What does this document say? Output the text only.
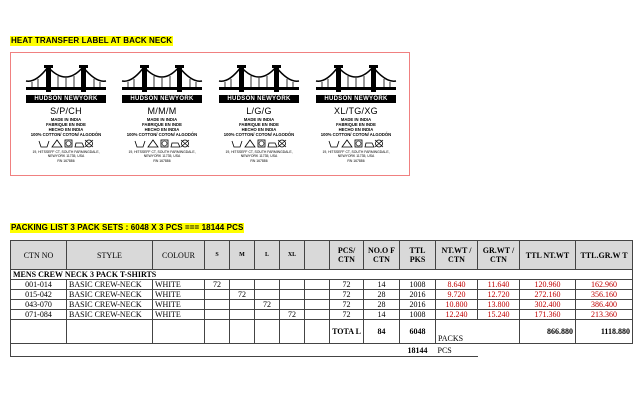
HEAT TRANSFER LABEL AT BACK NECK
HUDSON NEWYORK
S/P/CH
MADE IN INDIA
FABRIQUE EN INDE
HECHO EN INDIA
100% COTTON/ COTON/ ALGODÓN
19, HITSSEFF CT, SOUTH FARMINGDALE,
NEWYORK 11735, USA
RN 167886
HUDSON NEWYORK
M/M/M
MADE IN INDIA
FABRIQUE EN INDE
HECHO EN INDIA
100% COTTON/ COTON/ ALGODÓN
19, HITSSEFF CT, SOUTH FARMINGDALE,
NEWYORK 11735, USA
RN 167886
HUDSON NEWYORK
L/G/G
MADE IN INDIA
FABRIQUE EN INDE
HECHO EN INDIA
100% COTTON/ COTON/ ALGODÓN
19, HITSSEFF CT, SOUTH FARMINGDALE,
NEWYORK 11735, USA
RN 167886
HUDSON NEWYORK
XL/TG/XG
MADE IN INDIA
FABRIQUE EN INDE
HECHO EN INDIA
100% COTTON/ COTON/ ALGODÓN
19, HITSSEFF CT, SOUTH FARMINGDALE,
NEWYORK 11735, USA
RN 167886
PACKING LIST 3 PACK SETS : 6048 X 3 PCS === 18144 PCS
CTN NO	STYLE	COLOUR	S	M	L	XL		PCS/ CTN	NO.O F CTN	TTL PKS	NT.WT / CTN	GR.WT / CTN	TTL NT.WT	TTL.GR.W T
MENS CREW NECK 3 PACK T-SHIRTS														
001-014	BASIC CREW-NECK	WHITE	72					72	14	1008	8.640	11.640	120.960	162.960
015-042	BASIC CREW-NECK	WHITE		72				72	28	2016	9.720	12.720	272.160	356.160
043-070	BASIC CREW-NECK	WHITE			72			72	28	2016	10.800	13.800	302.400	386.400
071-084	BASIC CREW-NECK	WHITE				72		72	14	1008	12.240	15.240	171.360	213.360
								TOTA L	84	6048	PACKS		866.880	1118.880
										18144	PCS			
